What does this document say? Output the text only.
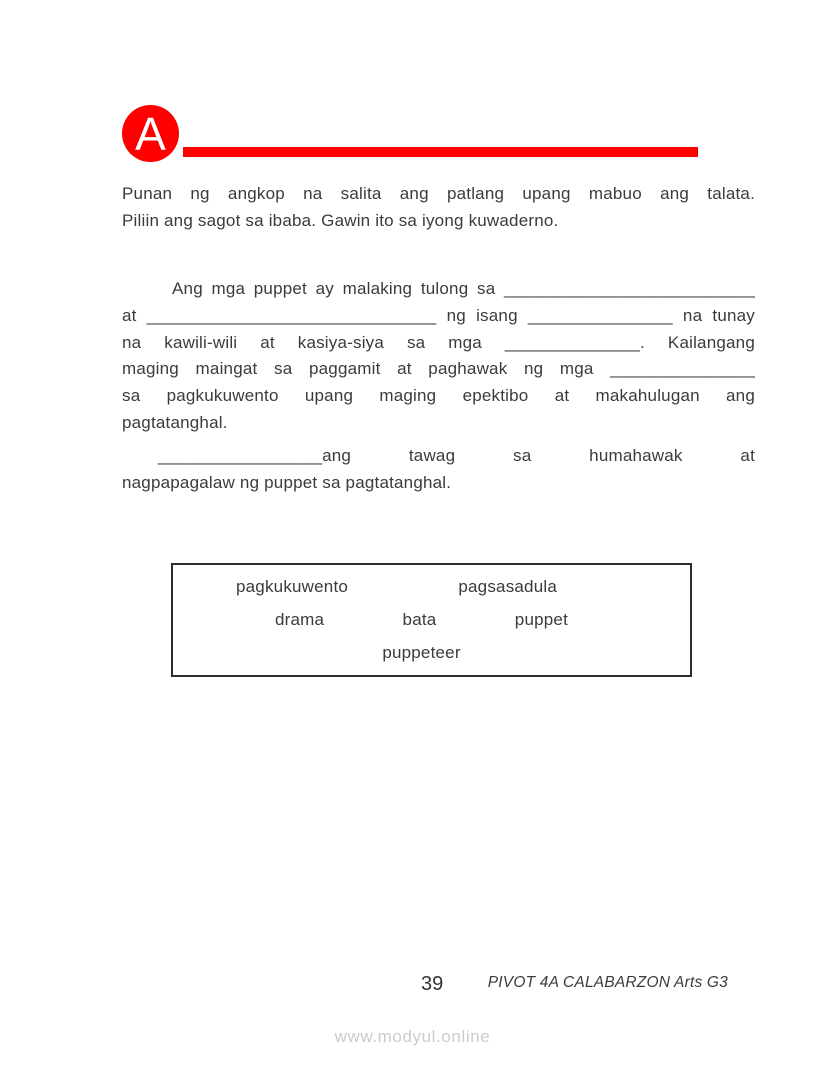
A
Punan ng angkop na salita ang patlang upang mabuo ang talata.
Piliin ang sagot sa ibaba. Gawin ito sa iyong kuwaderno.
Ang mga puppet ay malaking tulong sa __________________________
at ______________________________ ng isang _______________ na tunay
na kawili-wili at kasiya-siya sa mga ______________. Kailangang
maging maingat sa paggamit at paghawak ng mga _______________
sa pagkukuwento upang maging epektibo at makahulugan ang
pagtatanghal.
_________________ang tawag sa humahawak at
nagpapagalaw ng puppet sa pagtatanghal.
pagkukuwento	pagsasadula
drama	bata	puppet
puppeteer
39	PIVOT 4A CALABARZON Arts G3
www.modyul.online
